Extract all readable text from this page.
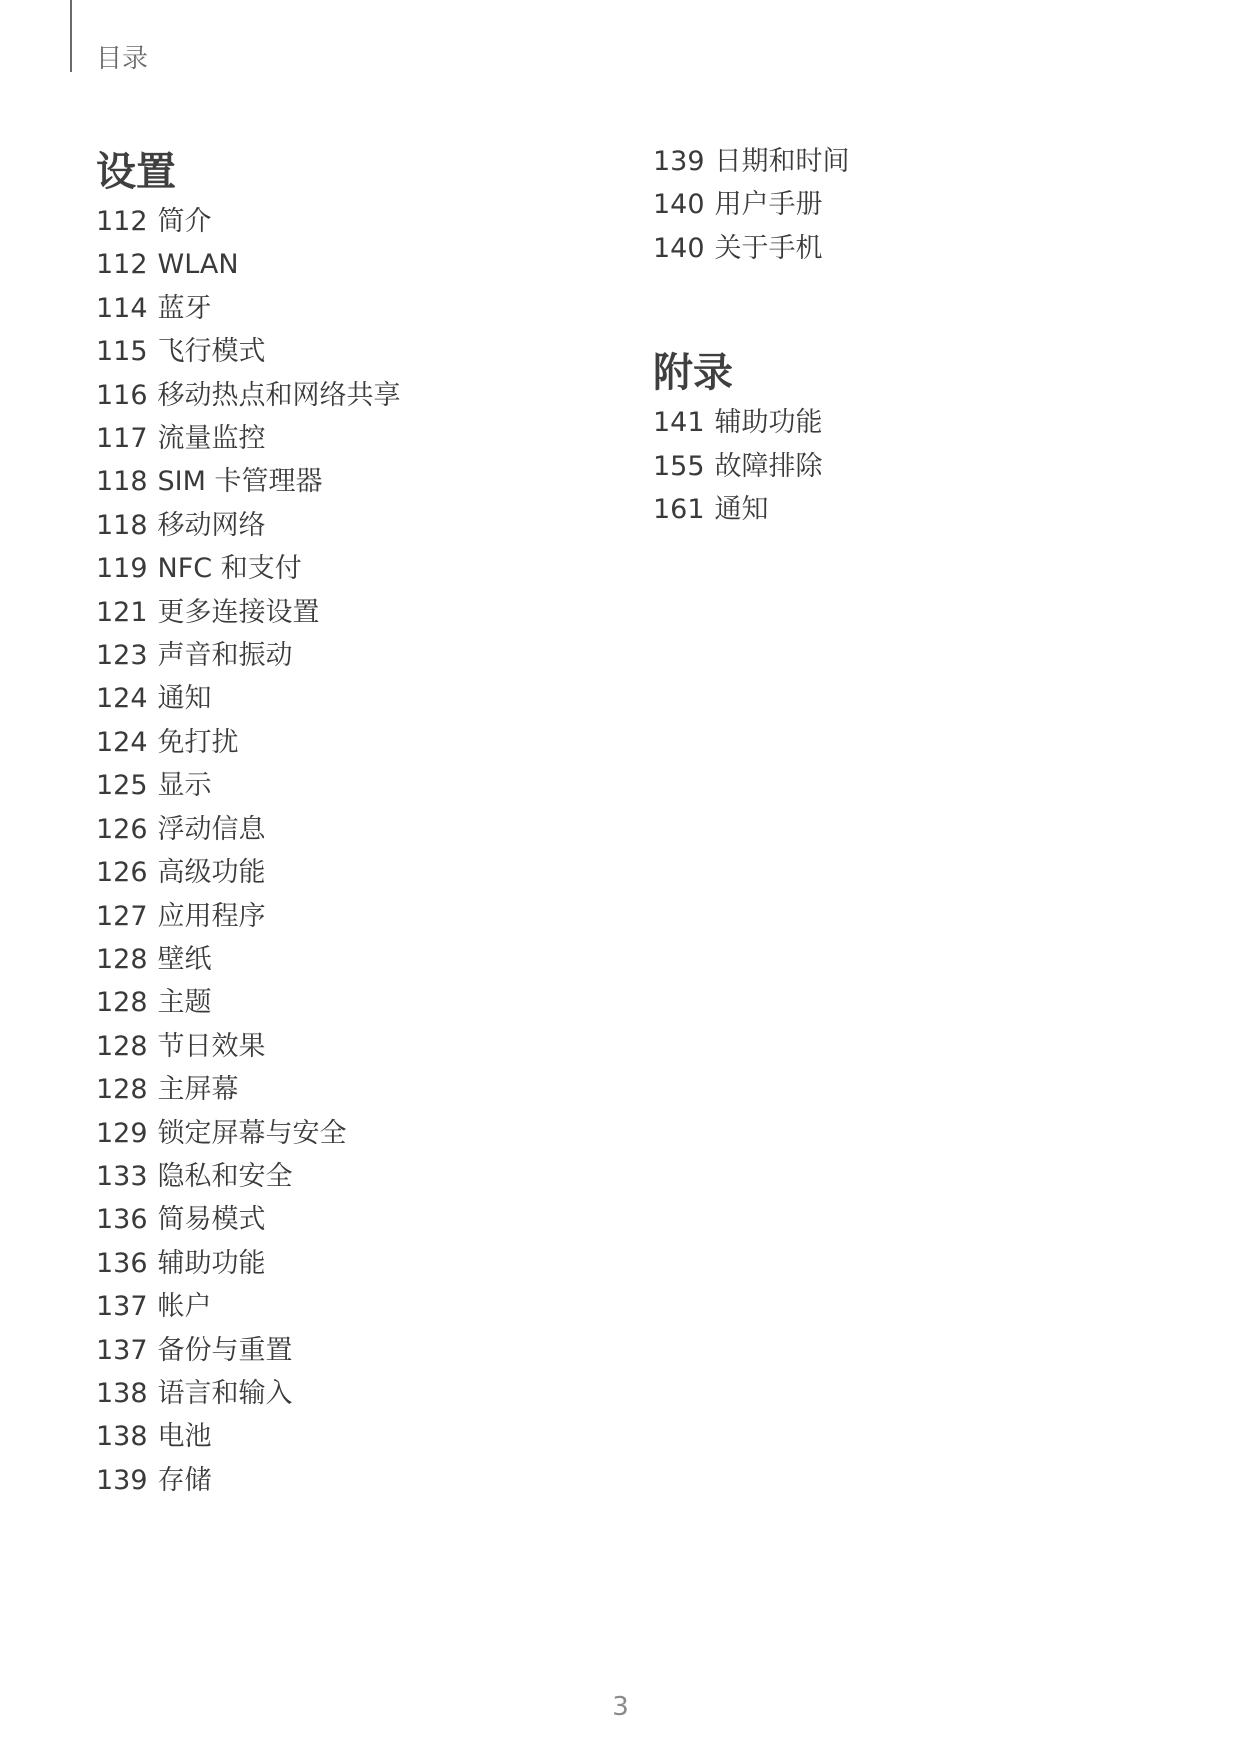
目录
设置
112 简介
112 WLAN
114 蓝牙
115 飞行模式
116 移动热点和网络共享
117 流量监控
118 SIM 卡管理器
118 移动网络
119 NFC 和支付
121 更多连接设置
123 声音和振动
124 通知
124 免打扰
125 显示
126 浮动信息
126 高级功能
127 应用程序
128 壁纸
128 主题
128 节日效果
128 主屏幕
129 锁定屏幕与安全
133 隐私和安全
136 简易模式
136 辅助功能
137 帐户
137 备份与重置
138 语言和输入
138 电池
139 存储
139 日期和时间
140 用户手册
140 关于手机
附录
141 辅助功能
155 故障排除
161 通知
3
